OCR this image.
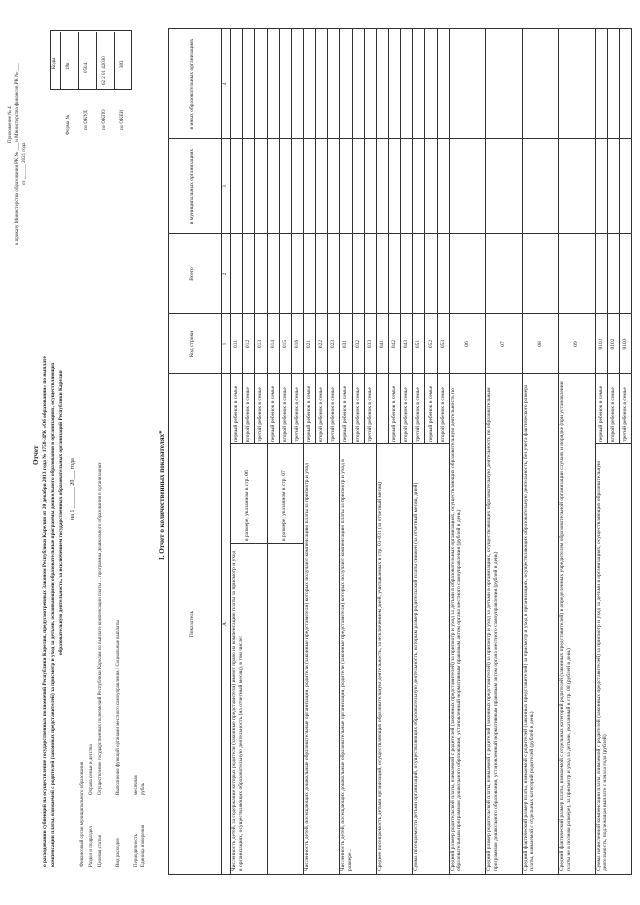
Приложение № 4 к приказу Министерства образования РК № ___ и Министерства финансов РК № ___ от ______ 2021 года
Отчет о расходовании субвенций на осуществление государственных полномочий Республики Карелия, предусмотренных Законом Республики Карелия от 20 декабря 2013 года № 1758-ЗРК «Об образовании» по выплате компенсации платы, взимаемой с родителей (законных представителей) за присмотр и уход за детьми, осваивающими образовательные программы дошкольного образования в организациях, осуществляющих образовательную деятельность, за исключением государственных образовательных организаций Республики Карелия на 1 _______ 20___ года
Коды
Форма №
18к
по ОКУД
0504
по ОКПО
62 2 01 42030
по ОКЕИ
383
Финансовый орган муниципального образования Раздел и подраздел
Охрана семьи и детства
Целевая статья
Осуществление государственных полномочий Республики Карелия по выплате компенсации платы ... программы дошкольного образования в организациях
Вид расходов
Выполнение функций органами местного самоуправления / Социальные выплаты
Периодичность
месячная
Единица измерения
рубль
I. Отчет о количественных показателях*
Показатель
Код строки
Всего
в муниципальных организациях
в иных образовательных организациях
A
1
2
3
4
Численность детей, за содержание которых родители (законные представители) имеют право на компенсацию платы за присмотр и уход в организациях, осуществляющих образовательную деятельность (на отчетный месяц), в том числе:
в размере, указанном в стр. 06
первый ребенок в семье
011
второй ребенок в семье
012
третий ребенок в семье
013
в размере, указанном в стр. 07
первый ребенок в семье
014
второй ребенок в семье
015
третий ребенок в семье
016
Численность детей, посещающих дошкольные образовательные организации, родители (законные представители) которых получают компенсацию платы за присмотр и уход
первый ребенок в семье
021
второй ребенок в семье
022
третий ребенок в семье
023
Численность детей, посещающих дошкольные образовательные организации, родители (законные представители) которых получают компенсацию платы за присмотр и уход в размере...
первый ребенок в семье
031
второй ребенок в семье
032
третий ребенок в семье
033
Среднее посещаемость детьми организаций, осуществляющих образовательную деятельность, за исключением дней, учитываемых в стр. 01-031 (за отчетный месяц)
041
первый ребенок в семье
042
второй ребенок в семье
043
Сумма посещаемости детьми организаций, осуществляющих образовательную деятельность, которым размер родительской платы снижен (за отчетный месяц, дней)
третий ребенок в семье
051
первый ребенок в семье
052
второй ребенок в семье
053
Средний размер родительской платы, взимаемой с родителей (законных представителей) за присмотр и уход за детьми в образовательных организациях, осуществляющих образовательную деятельность по образовательным программам дошкольного образования, установленный нормативным правовым актом органа местного самоуправления (рублей в день)
06
Средний размер родительской платы, взимаемой с родителей (законных представителей) за присмотр и уход за детьми в организациях, осуществляющих образовательную деятельность по образовательным программам дошкольного образования, установленный нормативным правовым актом органа местного самоуправления (рублей в день)
07
Средний фактический размер платы, взимаемой с родителей (законных представителей) за присмотр и уход в организациях, осуществляющих образовательную деятельность, без учета фактического размера платы, взимаемой с отдельных категорий родителей (рублей в день)
08
Средний фактический размер платы, взимаемой с отдельных категорий родителей (законных представителей) в определенных учредителем образовательной организации случаях и порядке (при установлении платы не в полном размере), за присмотр и уход за детьми, указанный в стр. 08 (рублей в день)
09
Сумма начисленной компенсации платы, взимаемой с родителей (законных представителей) за присмотр и уход за детьми в организациях, осуществляющих образовательную деятельность, подлежащая выплате с начала года (рублей)
первый ребенок в семье
0101
второй ребенок в семье
0102
третий ребенок в семье
0103
